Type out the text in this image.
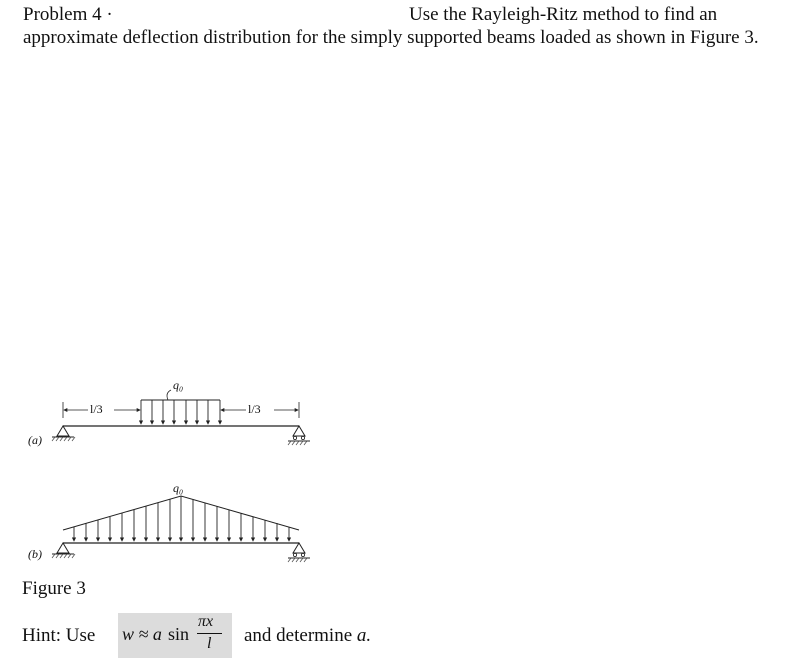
Problem 4 ·	Use the Rayleigh-Ritz method to find an
approximate deflection distribution for the simply supported beams loaded as shown in Figure 3.
(a)
q₀
l/3	l/3
(b)
q₀
Figure 3
Hint: Use w ≈ a sin
πx
l and determine a.
